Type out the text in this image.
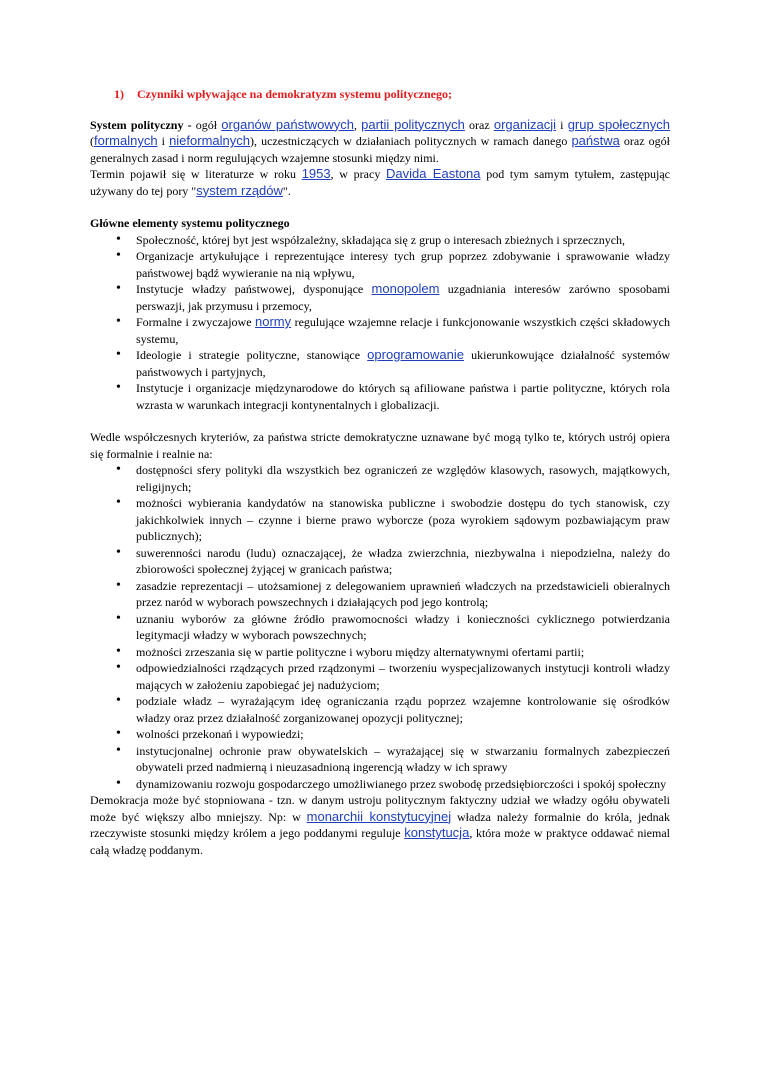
1) Czynniki wpływające na demokratyzm systemu politycznego;

System polityczny - ogół organów państwowych, partii politycznych oraz organizacji i grup społecznych (formalnych i nieformalnych), uczestniczących w działaniach politycznych w ramach danego państwa oraz ogół generalnych zasad i norm regulujących wzajemne stosunki między nimi.

Termin pojawił się w literaturze w roku 1953, w pracy Davida Eastona pod tym samym tytułem, zastępując używany do tej pory "system rządów".

Główne elementy systemu politycznego

• Społeczność, której byt jest współzależny, składająca się z grup o interesach zbieżnych i sprzecznych,
• Organizacje artykułujące i reprezentujące interesy tych grup poprzez zdobywanie i sprawowanie władzy państwowej bądź wywieranie na nią wpływu,
• Instytucje władzy państwowej, dysponujące monopolem uzgadniania interesów zarówno sposobami perswazji, jak przymusu i przemocy,
• Formalne i zwyczajowe normy regulujące wzajemne relacje i funkcjonowanie wszystkich części składowych systemu,
• Ideologie i strategie polityczne, stanowiące oprogramowanie ukierunkowujące działalność systemów państwowych i partyjnych,
• Instytucje i organizacje międzynarodowe do których są afiliowane państwa i partie polityczne, których rola wzrasta w warunkach integracji kontynentalnych i globalizacji.

Wedle współczesnych kryteriów, za państwa stricte demokratyczne uznawane być mogą tylko te, których ustrój opiera się formalnie i realnie na:

• dostępności sfery polityki dla wszystkich bez ograniczeń ze względów klasowych, rasowych, majątkowych, religijnych;
• możności wybierania kandydatów na stanowiska publiczne i swobodzie dostępu do tych stanowisk, czy jakichkolwiek innych – czynne i bierne prawo wyborcze (poza wyrokiem sądowym pozbawiającym praw publicznych);
• suwerenności narodu (ludu) oznaczającej, że władza zwierzchnia, niezbywalna i niepodzielna, należy do zbiorowości społecznej żyjącej w granicach państwa;
• zasadzie reprezentacji – utożsamionej z delegowaniem uprawnień władczych na przedstawicieli obieralnych przez naród w wyborach powszechnych i działających pod jego kontrolą;
• uznaniu wyborów za główne źródło prawomocności władzy i konieczności cyklicznego potwierdzania legitymacji władzy w wyborach powszechnych;
• możności zrzeszania się w partie polityczne i wyboru między alternatywnymi ofertami partii;
• odpowiedzialności rządzących przed rządzonymi – tworzeniu wyspecjalizowanych instytucji kontroli władzy mających w założeniu zapobiegać jej nadużyciom;
• podziale władz – wyrażającym ideę ograniczania rządu poprzez wzajemne kontrolowanie się ośrodków władzy oraz przez działalność zorganizowanej opozycji politycznej;
• wolności przekonań i wypowiedzi;
• instytucjonalnej ochronie praw obywatelskich – wyrażającej się w stwarzaniu formalnych zabezpieczeń obywateli przed nadmierną i nieuzasadnioną ingerencją władzy w ich sprawy
• dynamizowaniu rozwoju gospodarczego umożliwianego przez swobodę przedsiębiorczości i spokój społeczny

Demokracja może być stopniowana - tzn. w danym ustroju politycznym faktyczny udział we władzy ogółu obywateli może być większy albo mniejszy. Np: w monarchii konstytucyjnej władza należy formalnie do króla, jednak rzeczywiste stosunki między królem a jego poddanymi reguluje konstytucja, która może w praktyce oddawać niemal całą władzę poddanym.
